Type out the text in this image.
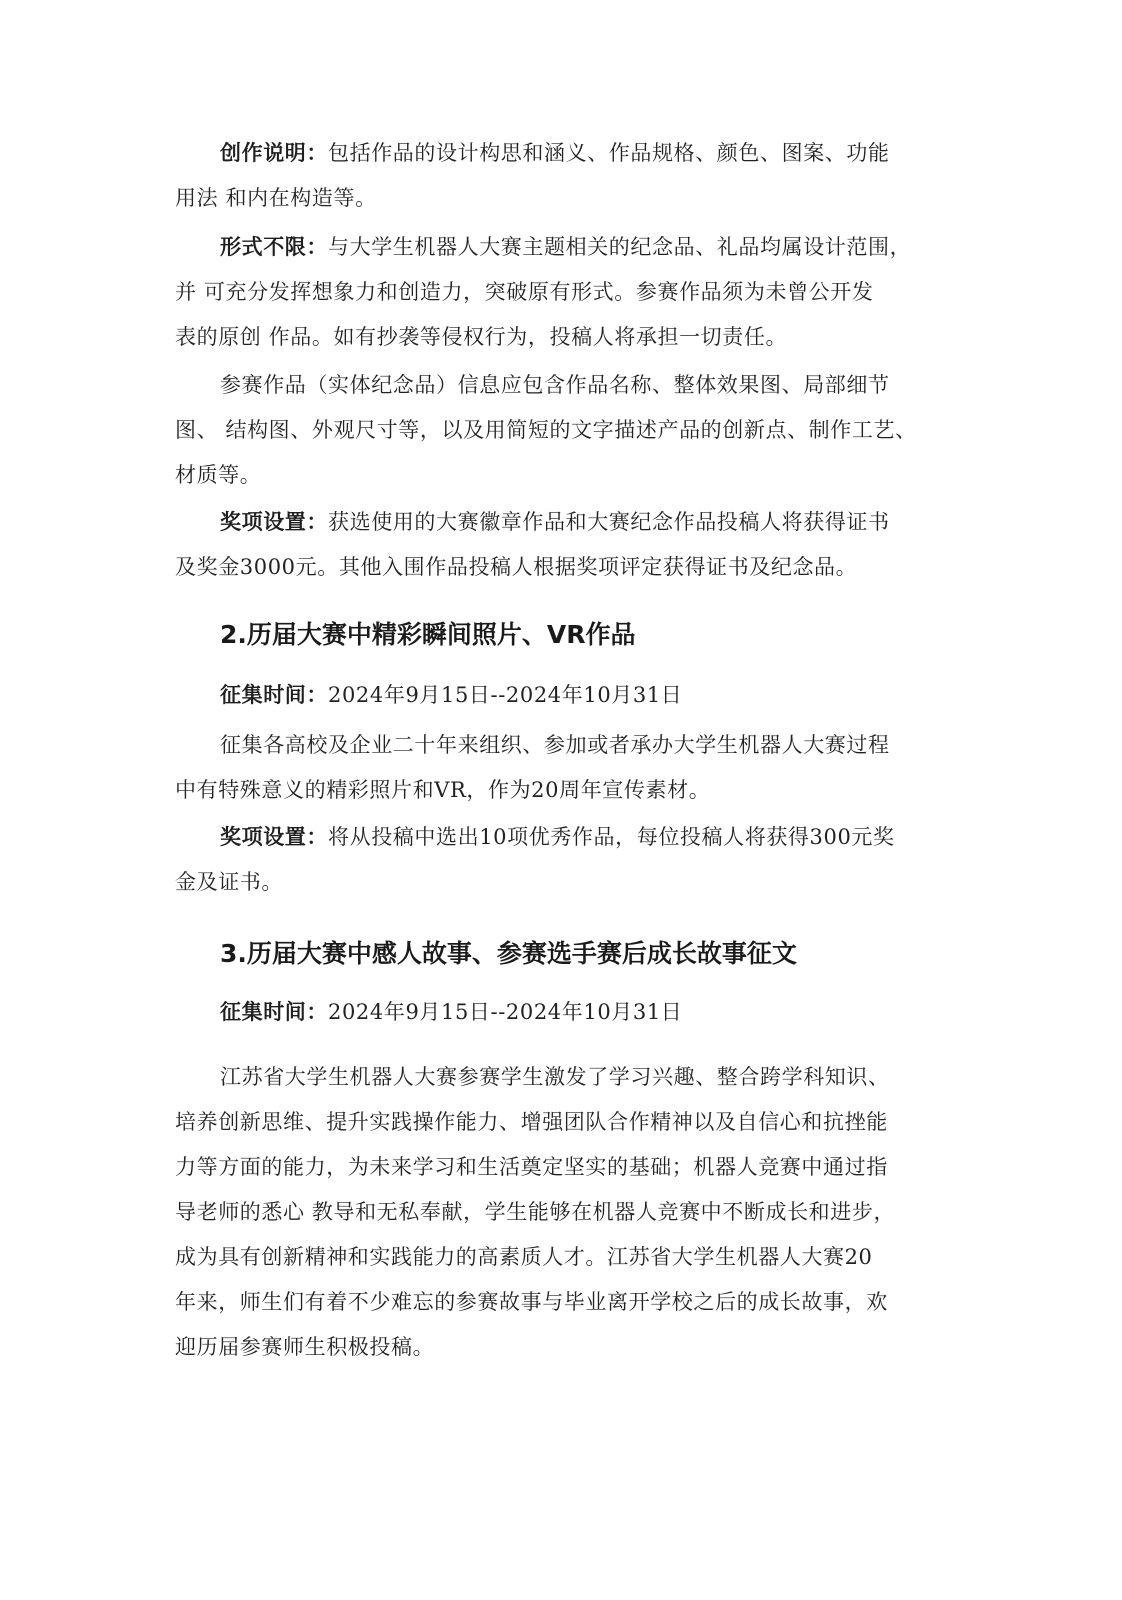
创作说明：包括作品的设计构思和涵义、作品规格、颜色、图案、功能
用法 和内在构造等。
形式不限：与大学生机器人大赛主题相关的纪念品、礼品均属设计范围，
并 可充分发挥想象力和创造力，突破原有形式。参赛作品须为未曾公开发
表的原创 作品。如有抄袭等侵权行为，投稿人将承担一切责任。
参赛作品（实体纪念品）信息应包含作品名称、整体效果图、局部细节
图、 结构图、外观尺寸等，以及用简短的文字描述产品的创新点、制作工艺、
材质等。
奖项设置：获选使用的大赛徽章作品和大赛纪念作品投稿人将获得证书
及奖金3000元。其他入围作品投稿人根据奖项评定获得证书及纪念品。
2.历届大赛中精彩瞬间照片、VR作品
征集时间：2024年9月15日--2024年10月31日
征集各高校及企业二十年来组织、参加或者承办大学生机器人大赛过程
中有特殊意义的精彩照片和VR，作为20周年宣传素材。
奖项设置：将从投稿中选出10项优秀作品，每位投稿人将获得300元奖
金及证书。
3.历届大赛中感人故事、参赛选手赛后成长故事征文
征集时间：2024年9月15日--2024年10月31日
江苏省大学生机器人大赛参赛学生激发了学习兴趣、整合跨学科知识、
培养创新思维、提升实践操作能力、增强团队合作精神以及自信心和抗挫能
力等方面的能力，为未来学习和生活奠定坚实的基础；机器人竞赛中通过指
导老师的悉心 教导和无私奉献，学生能够在机器人竞赛中不断成长和进步，
成为具有创新精神和实践能力的高素质人才。江苏省大学生机器人大赛20
年来，师生们有着不少难忘的参赛故事与毕业离开学校之后的成长故事，欢
迎历届参赛师生积极投稿。
